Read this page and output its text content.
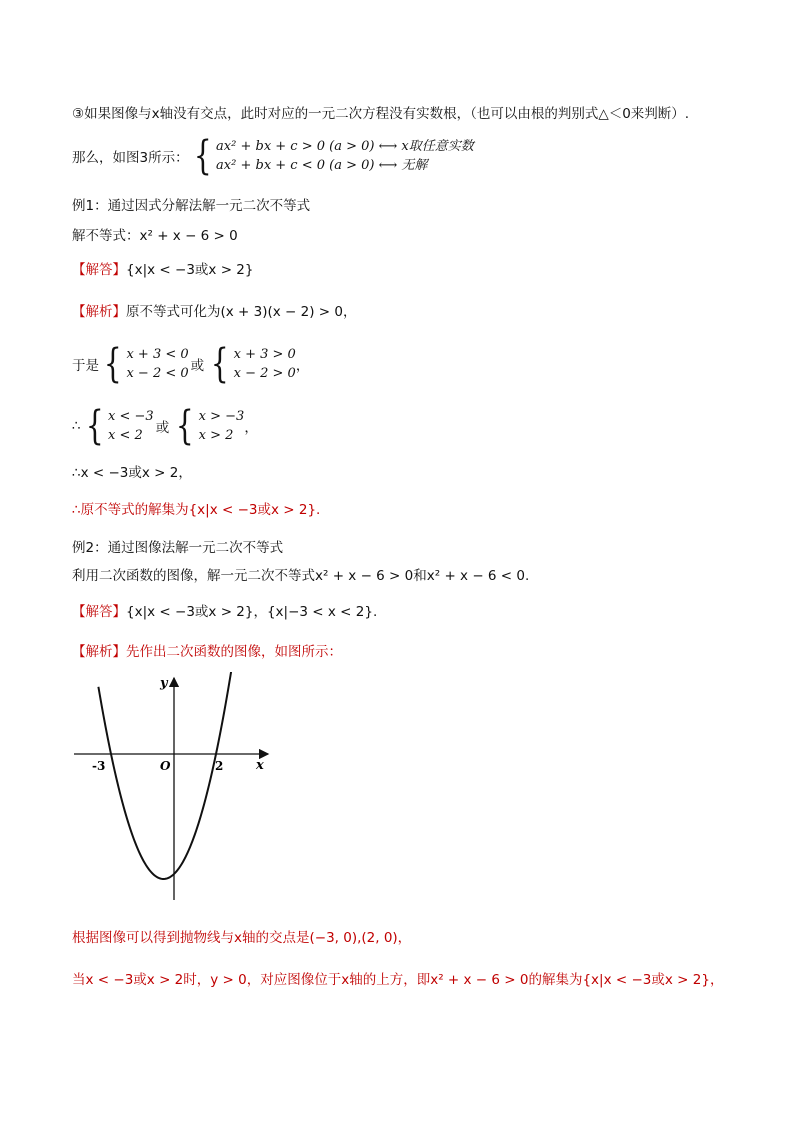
③如果图像与x轴没有交点，此时对应的一元二次方程没有实数根，（也可以由根的判别式△＜0来判断）.
那么，如图3所示： { ax² + bx + c > 0 (a > 0) ⟷ x取任意实数
ax² + bx + c < 0 (a > 0) ⟷ 无解
例1：通过因式分解法解一元二次不等式
解不等式：x² + x − 6 > 0
【解答】{x|x < −3或x > 2}
【解析】原不等式可化为(x + 3)(x − 2) > 0，
于是 { x + 3 < 0
x − 2 < 0 或 { x + 3 > 0
x − 2 > 0 ，
∴ { x < −3
x < 2 或 { x > −3
x > 2 ，
∴x < −3或x > 2，
∴原不等式的解集为{x|x < −3或x > 2}.
例2：通过图像法解一元二次不等式
利用二次函数的图像，解一元二次不等式x² + x − 6 > 0和x² + x − 6 < 0.
【解答】{x|x < −3或x > 2}，{x|−3 < x < 2}.
【解析】先作出二次函数的图像，如图所示：
y
x
O
-3	2
根据图像可以得到抛物线与x轴的交点是(−3, 0),(2, 0)，
当x < −3或x > 2时，y > 0，对应图像位于x轴的上方，即x² + x − 6 > 0的解集为{x|x < −3或x > 2}，
